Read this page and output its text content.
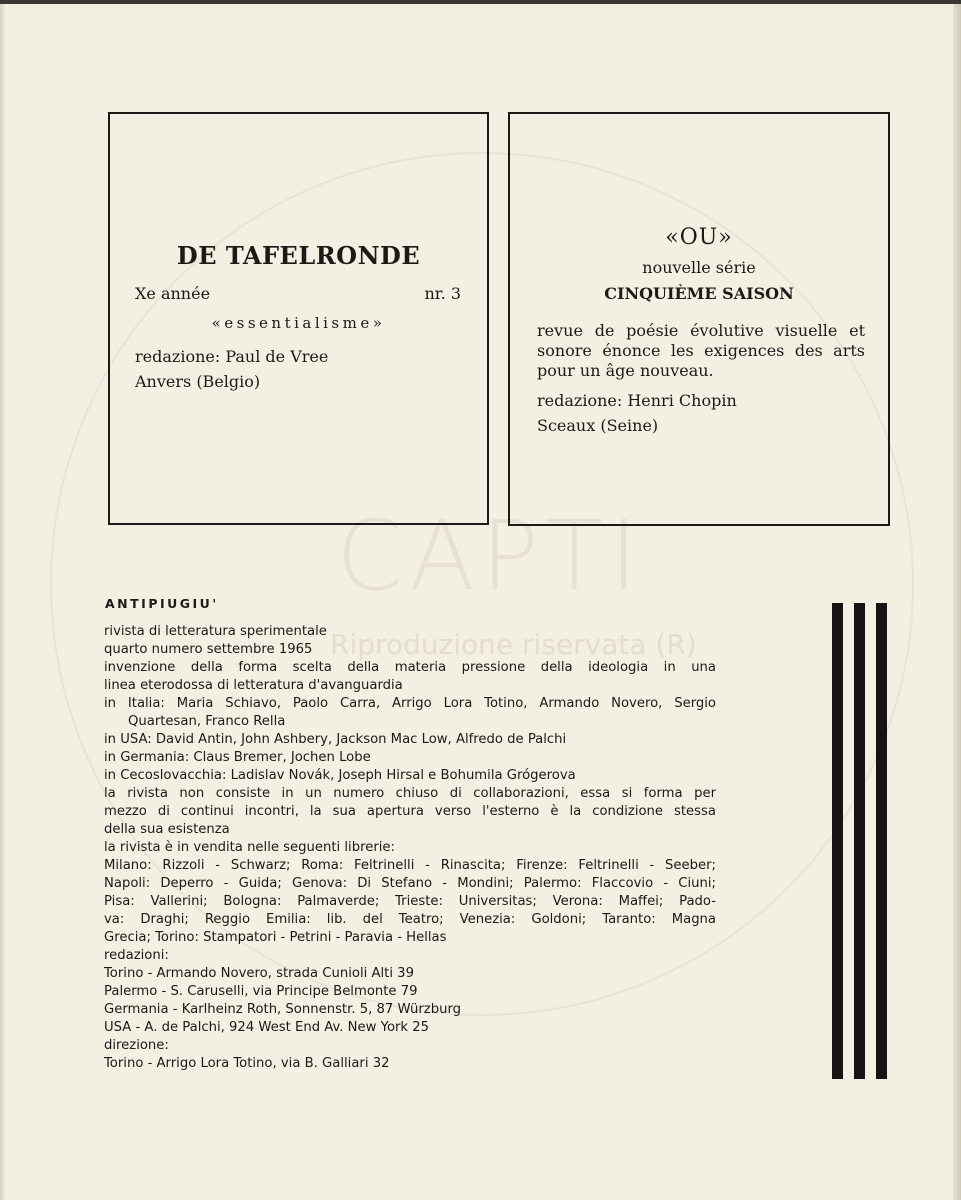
CAPTI
Riproduzione riservata (R)
DE TAFELRONDE
Xe année	nr. 3
«essentialisme»
redazione: Paul de Vree
Anvers (Belgio)
«OU»
nouvelle série
CINQUIÈME SAISON
revue de poésie évolutive visuelle et sonore énonce les exigences des arts pour un âge nouveau.
redazione: Henri Chopin
Sceaux (Seine)
ANTIPIUGIU'
rivista di letteratura sperimentale
quarto numero settembre 1965
invenzione della forma scelta della materia pressione della ideologia in una
linea eterodossa di letteratura d'avanguardia
in Italia: Maria Schiavo, Paolo Carra, Arrigo Lora Totino, Armando Novero, Sergio
Quartesan, Franco Rella
in USA: David Antin, John Ashbery, Jackson Mac Low, Alfredo de Palchi
in Germania: Claus Bremer, Jochen Lobe
in Cecoslovacchia: Ladislav Novák, Joseph Hirsal e Bohumila Grógerova
la rivista non consiste in un numero chiuso di collaborazioni, essa si forma per
mezzo di continui incontri, la sua apertura verso l'esterno è la condizione stessa
della sua esistenza
la rivista è in vendita nelle seguenti librerie:
Milano: Rizzoli - Schwarz; Roma: Feltrinelli - Rinascita; Firenze: Feltrinelli - Seeber;
Napoli: Deperro - Guida; Genova: Di Stefano - Mondini; Palermo: Flaccovio - Ciuni;
Pisa: Vallerini; Bologna: Palmaverde; Trieste: Universitas; Verona: Maffei; Pado-
va: Draghi; Reggio Emilia: lib. del Teatro; Venezia: Goldoni; Taranto: Magna
Grecia; Torino: Stampatori - Petrini - Paravia - Hellas
redazioni:
Torino - Armando Novero, strada Cunioli Alti 39
Palermo - S. Caruselli, via Principe Belmonte 79
Germania - Karlheinz Roth, Sonnenstr. 5, 87 Würzburg
USA - A. de Palchi, 924 West End Av. New York 25
direzione:
Torino - Arrigo Lora Totino, via B. Galliari 32
